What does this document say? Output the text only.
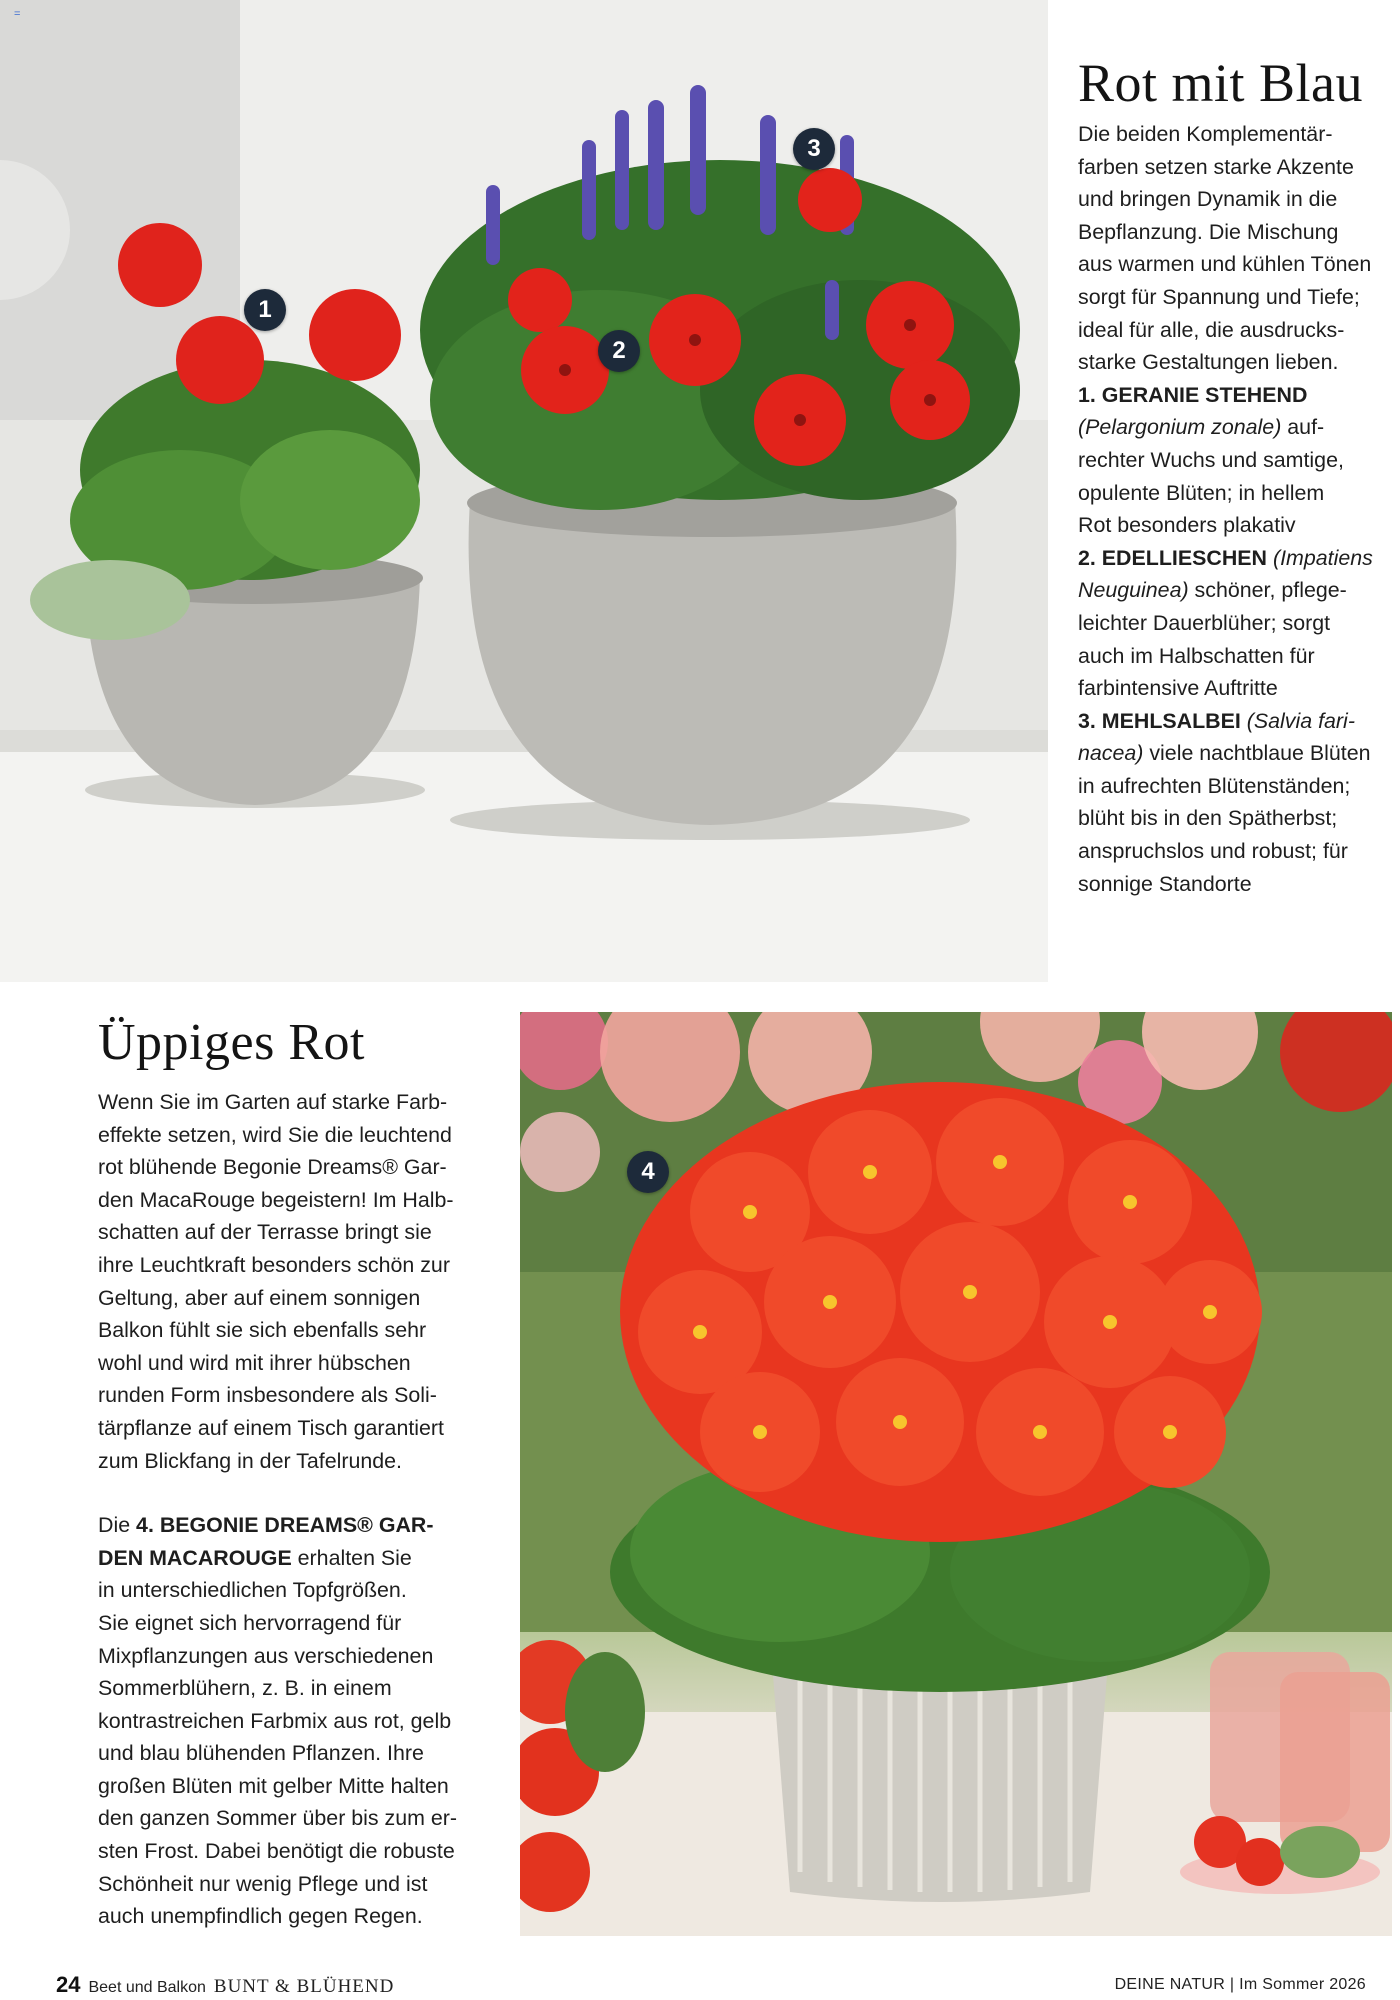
=
1
2
3
Rot mit Blau

Die beiden Komplementär-

farben setzen starke Akzente

und bringen Dynamik in die

Bepflanzung. Die Mischung

aus warmen und kühlen Tönen

sorgt für Spannung und Tiefe;

ideal für alle, die ausdrucks-

starke Gestaltungen lieben.

1. GERANIE STEHEND

(Pelargonium zonale) auf-

rechter Wuchs und samtige,

opulente Blüten; in hellem

Rot besonders plakativ

2. EDELLIESCHEN (Impatiens

Neuguinea) schöner, pflege-

leichter Dauerblüher; sorgt

auch im Halbschatten für

farbintensive Auftritte

3. MEHLSALBEI (Salvia fari-

nacea) viele nachtblaue Blüten

in aufrechten Blütenständen;

blüht bis in den Spätherbst;

anspruchslos und robust; für

sonnige Standorte

Üppiges Rot

Wenn Sie im Garten auf starke Farb-

effekte setzen, wird Sie die leuchtend

rot blühende Begonie Dreams® Gar-

den MacaRouge begeistern! Im Halb-

schatten auf der Terrasse bringt sie

ihre Leuchtkraft besonders schön zur

Geltung, aber auf einem sonnigen

Balkon fühlt sie sich ebenfalls sehr

wohl und wird mit ihrer hübschen

runden Form insbesondere als Soli-

tärpflanze auf einem Tisch garantiert

zum Blickfang in der Tafelrunde.

Die 4. BEGONIE DREAMS® GAR-

DEN MACAROUGE erhalten Sie

in unterschiedlichen Topfgrößen.

Sie eignet sich hervorragend für

Mixpflanzungen aus verschiedenen

Sommerblühern, z. B. in einem

kontrastreichen Farbmix aus rot, gelb

und blau blühenden Pflanzen. Ihre

großen Blüten mit gelber Mitte halten

den ganzen Sommer über bis zum er-

sten Frost. Dabei benötigt die robuste

Schönheit nur wenig Pflege und ist

auch unempfindlich gegen Regen.

4
24 Beet und Balkon BUNT & BLÜHEND	DEINE NATUR | Im Sommer 2026
